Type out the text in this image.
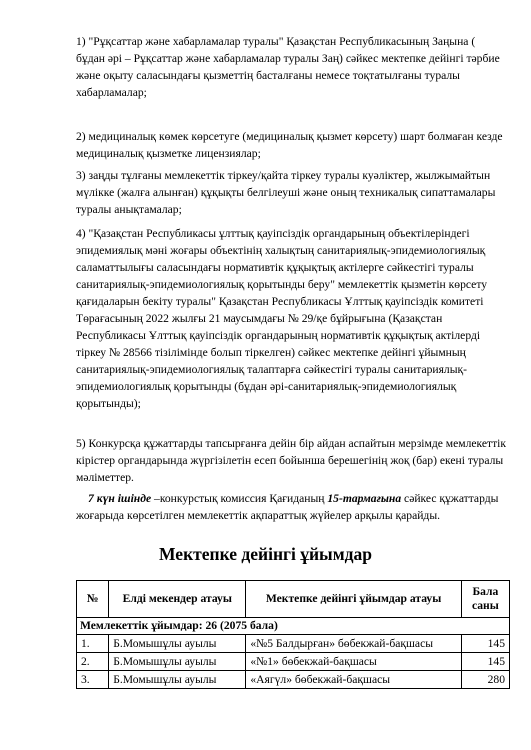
1) "Рұқсаттар және хабарламалар туралы" Қазақстан Республикасының Заңына ( бұдан әрі – Рұқсаттар және хабарламалар туралы Заң) сәйкес мектепке дейінгі тәрбие және оқыту саласындағы қызметтің басталғаны немесе тоқтатылғаны туралы хабарламалар;

2) медициналық көмек көрсетуге (медициналық қызмет көрсету) шарт болмаған кезде медициналық қызметке лицензиялар;

3) заңды тұлғаны мемлекеттік тіркеу/қайта тіркеу туралы куәліктер, жылжымайтын мүлікке (жалға алынған) құқықты белгілеуші және оның техникалық сипаттамалары туралы анықтамалар;

4) "Қазақстан Республикасы ұлттық қауіпсіздік органдарының объектілеріндегі эпидемиялық мәні жоғары объектінің халықтың санитариялық-эпидемиологиялық саламаттылығы саласындағы нормативтік құқықтық актілерге сәйкестігі туралы санитариялық-эпидемиологиялық қорытынды беру" мемлекеттік қызметін көрсету қағидаларын бекіту туралы" Қазақстан Республикасы Ұлттық қауіпсіздік комитеті Төрағасының 2022 жылғы 21 маусымдағы № 29/қе бұйрығына (Қазақстан Республикасы Ұлттық қауіпсіздік органдарының нормативтік құқықтық актілерді тіркеу № 28566 тізілімінде болып тіркелген) сәйкес мектепке дейінгі ұйымның санитариялық-эпидемиологиялық талаптарға сәйкестігі туралы санитариялық-эпидемиологиялық қорытынды (бұдан әрі-санитариялық-эпидемиологиялық қорытынды);

5) Конкурсқа құжаттарды тапсырғанға дейін бір айдан аспайтын мерзімде мемлекеттік кірістер органдарында жүргізілетін есеп бойынша берешегінің жоқ (бар) екені туралы мәліметтер.

7 күн ішінде –конкурстық комиссия Қағиданың 15-тармағына сәйкес құжаттарды жоғарыда көрсетілген мемлекеттік ақпараттық жүйелер арқылы қарайды.

Мектепке дейінгі ұйымдар
№	Елді мекендер атауы	Мектепке дейінгі ұйымдар атауы	Бала саны
Мемлекеттік ұйымдар: 26 (2075 бала)			
1.	Б.Момышұлы ауылы	«№5 Балдырған» бөбекжай-бақшасы	145
2.	Б.Момышұлы ауылы	«№1» бөбекжай-бақшасы	145
3.	Б.Момышұлы ауылы	«Аягүл» бөбекжай-бақшасы	280
